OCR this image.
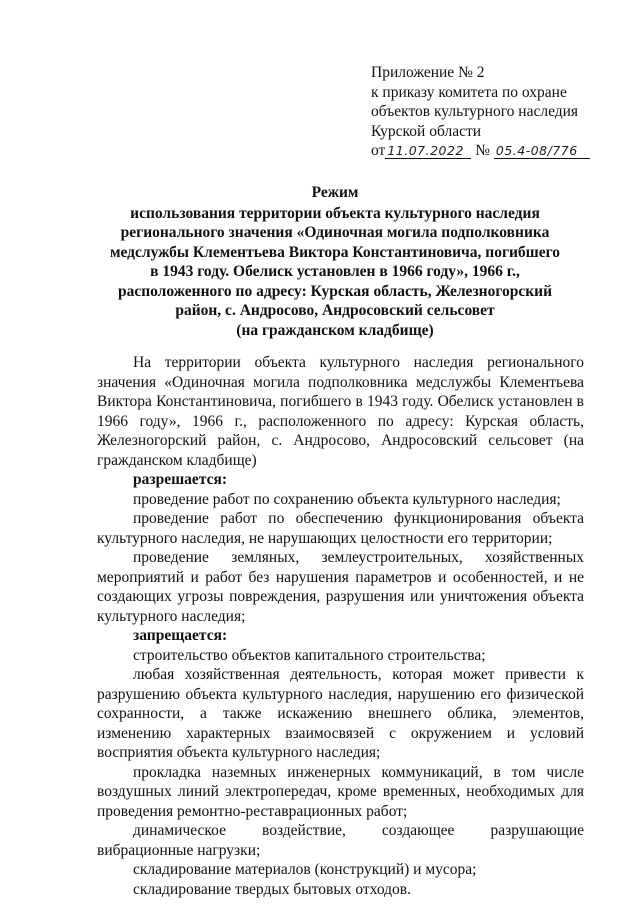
Приложение № 2
к приказу комитета по охране
объектов культурного наследия
Курской области
от 11.07.2022 № 05.4-08/776
Режим
использования территории объекта культурного наследия
регионального значения «Одиночная могила подполковника
медслужбы Клементьева Виктора Константиновича, погибшего
в 1943 году. Обелиск установлен в 1966 году», 1966 г.,
расположенного по адресу: Курская область, Железногорский
район, с. Андросово, Андросовский сельсовет
(на гражданском кладбище)

На территории объекта культурного наследия регионального значения «Одиночная могила подполковника медслужбы Клементьева Виктора Константиновича, погибшего в 1943 году. Обелиск установлен в 1966 году», 1966 г., расположенного по адресу: Курская область, Железногорский район, с. Андросово, Андросовский сельсовет (на гражданском кладбище)

разрешается:

проведение работ по сохранению объекта культурного наследия;

проведение работ по обеспечению функционирования объекта культурного наследия, не нарушающих целостности его территории;

проведение земляных, землеустроительных, хозяйственных мероприятий и работ без нарушения параметров и особенностей, и не создающих угрозы повреждения, разрушения или уничтожения объекта культурного наследия;

запрещается:

строительство объектов капитального строительства;

любая хозяйственная деятельность, которая может привести к разрушению объекта культурного наследия, нарушению его физической сохранности, а также искажению внешнего облика, элементов, изменению характерных взаимосвязей с окружением и условий восприятия объекта культурного наследия;

прокладка наземных инженерных коммуникаций, в том числе воздушных линий электропередач, кроме временных, необходимых для проведения ремонтно-реставрационных работ;

динамическое воздействие, создающее разрушающие вибрационные нагрузки;

складирование материалов (конструкций) и мусора;

складирование твердых бытовых отходов.
